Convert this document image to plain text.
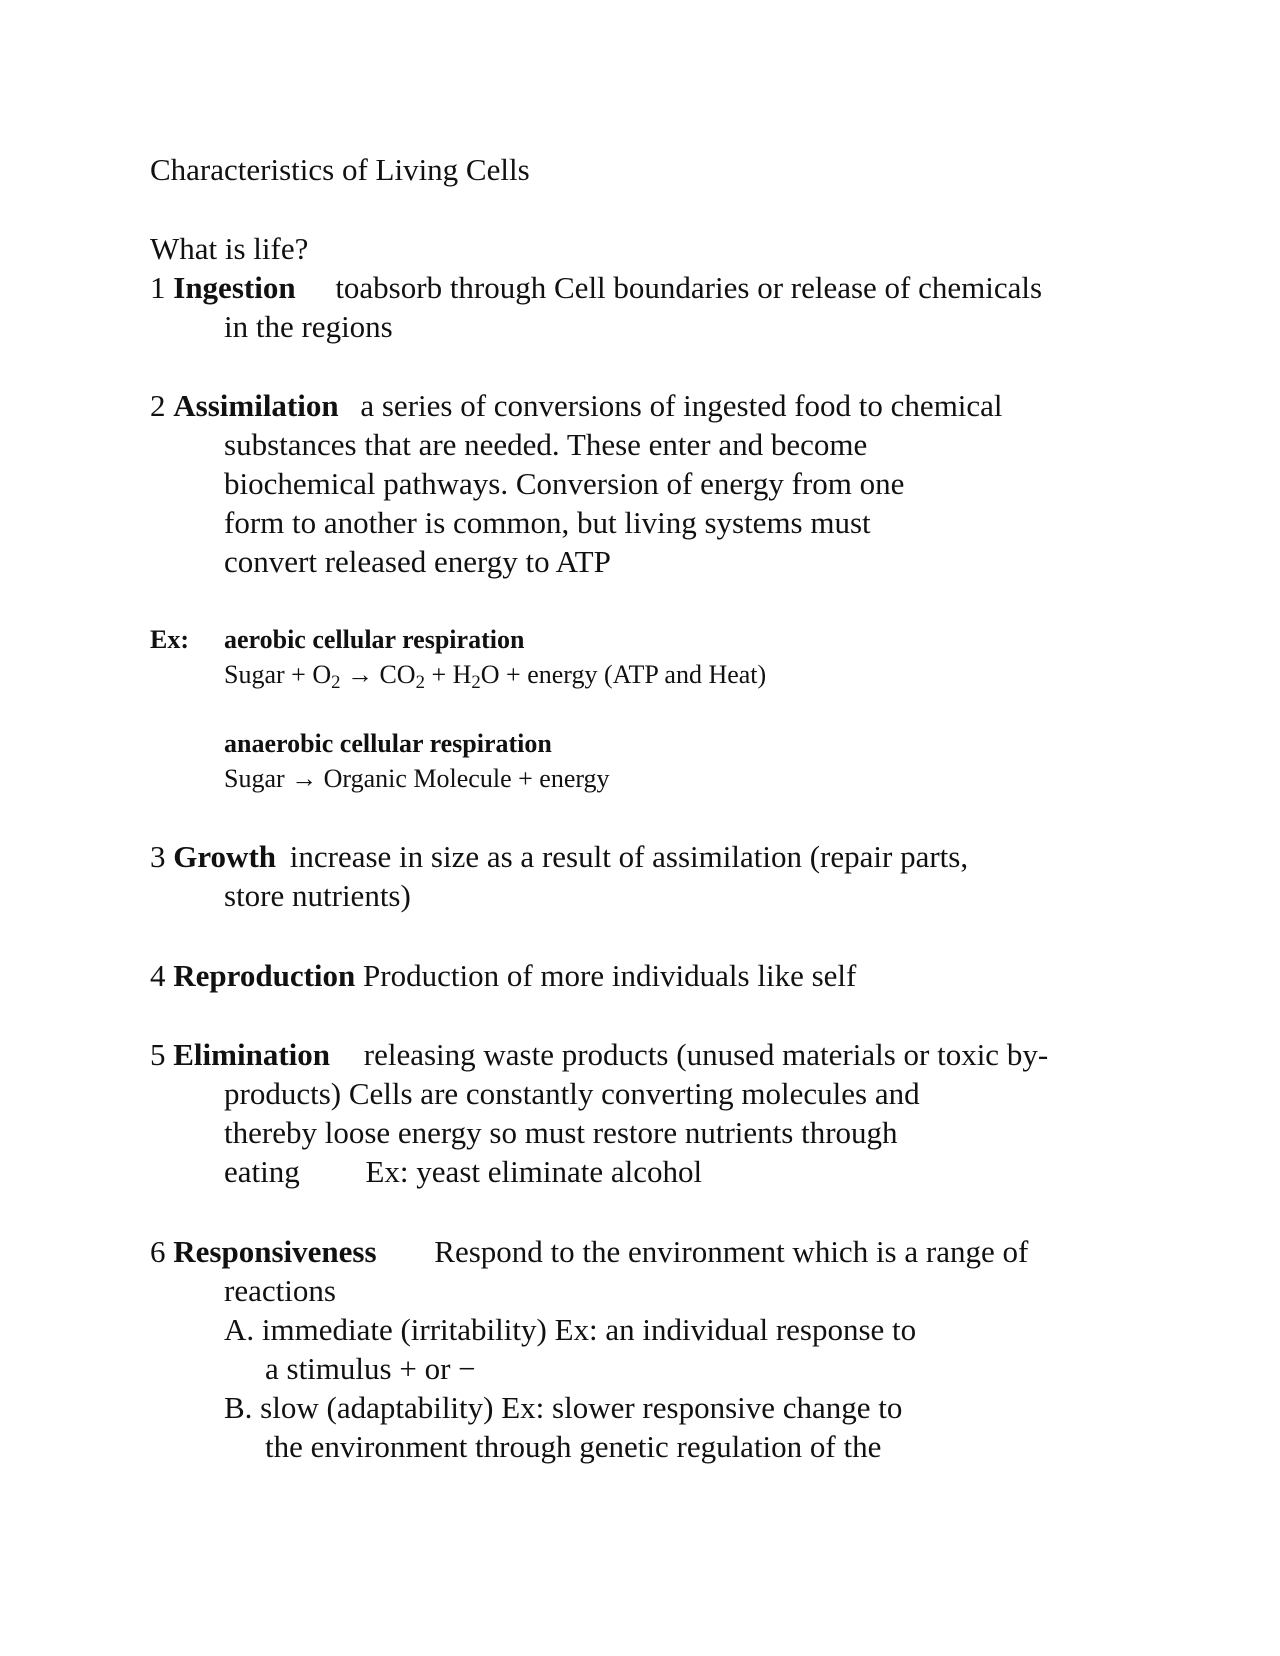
Characteristics of Living Cells
What is life?
1 Ingestion toabsorb through Cell boundaries or release of chemicals
in the regions
2 Assimilation a series of conversions of ingested food to chemical
substances that are needed. These enter and become
biochemical pathways. Conversion of energy from one
form to another is common, but living systems must
convert released energy to ATP
Ex: aerobic cellular respiration
Sugar + $O_2 \to CO_2 + H_2O$ + energy (ATP and Heat)
anaerobic cellular respiration
Sugar → Organic Molecule + energy
3 Growth increase in size as a result of assimilation (repair parts,
store nutrients)
4 Reproduction Production of more individuals like self
5 Elimination releasing waste products (unused materials or toxic by-
products) Cells are constantly converting molecules and
thereby loose energy so must restore nutrients through
eating Ex: yeast eliminate alcohol
6 Responsiveness Respond to the environment which is a range of
reactions
A. immediate (irritability) Ex: an individual response to
a stimulus + or −
B. slow (adaptability) Ex: slower responsive change to
the environment through genetic regulation of the
